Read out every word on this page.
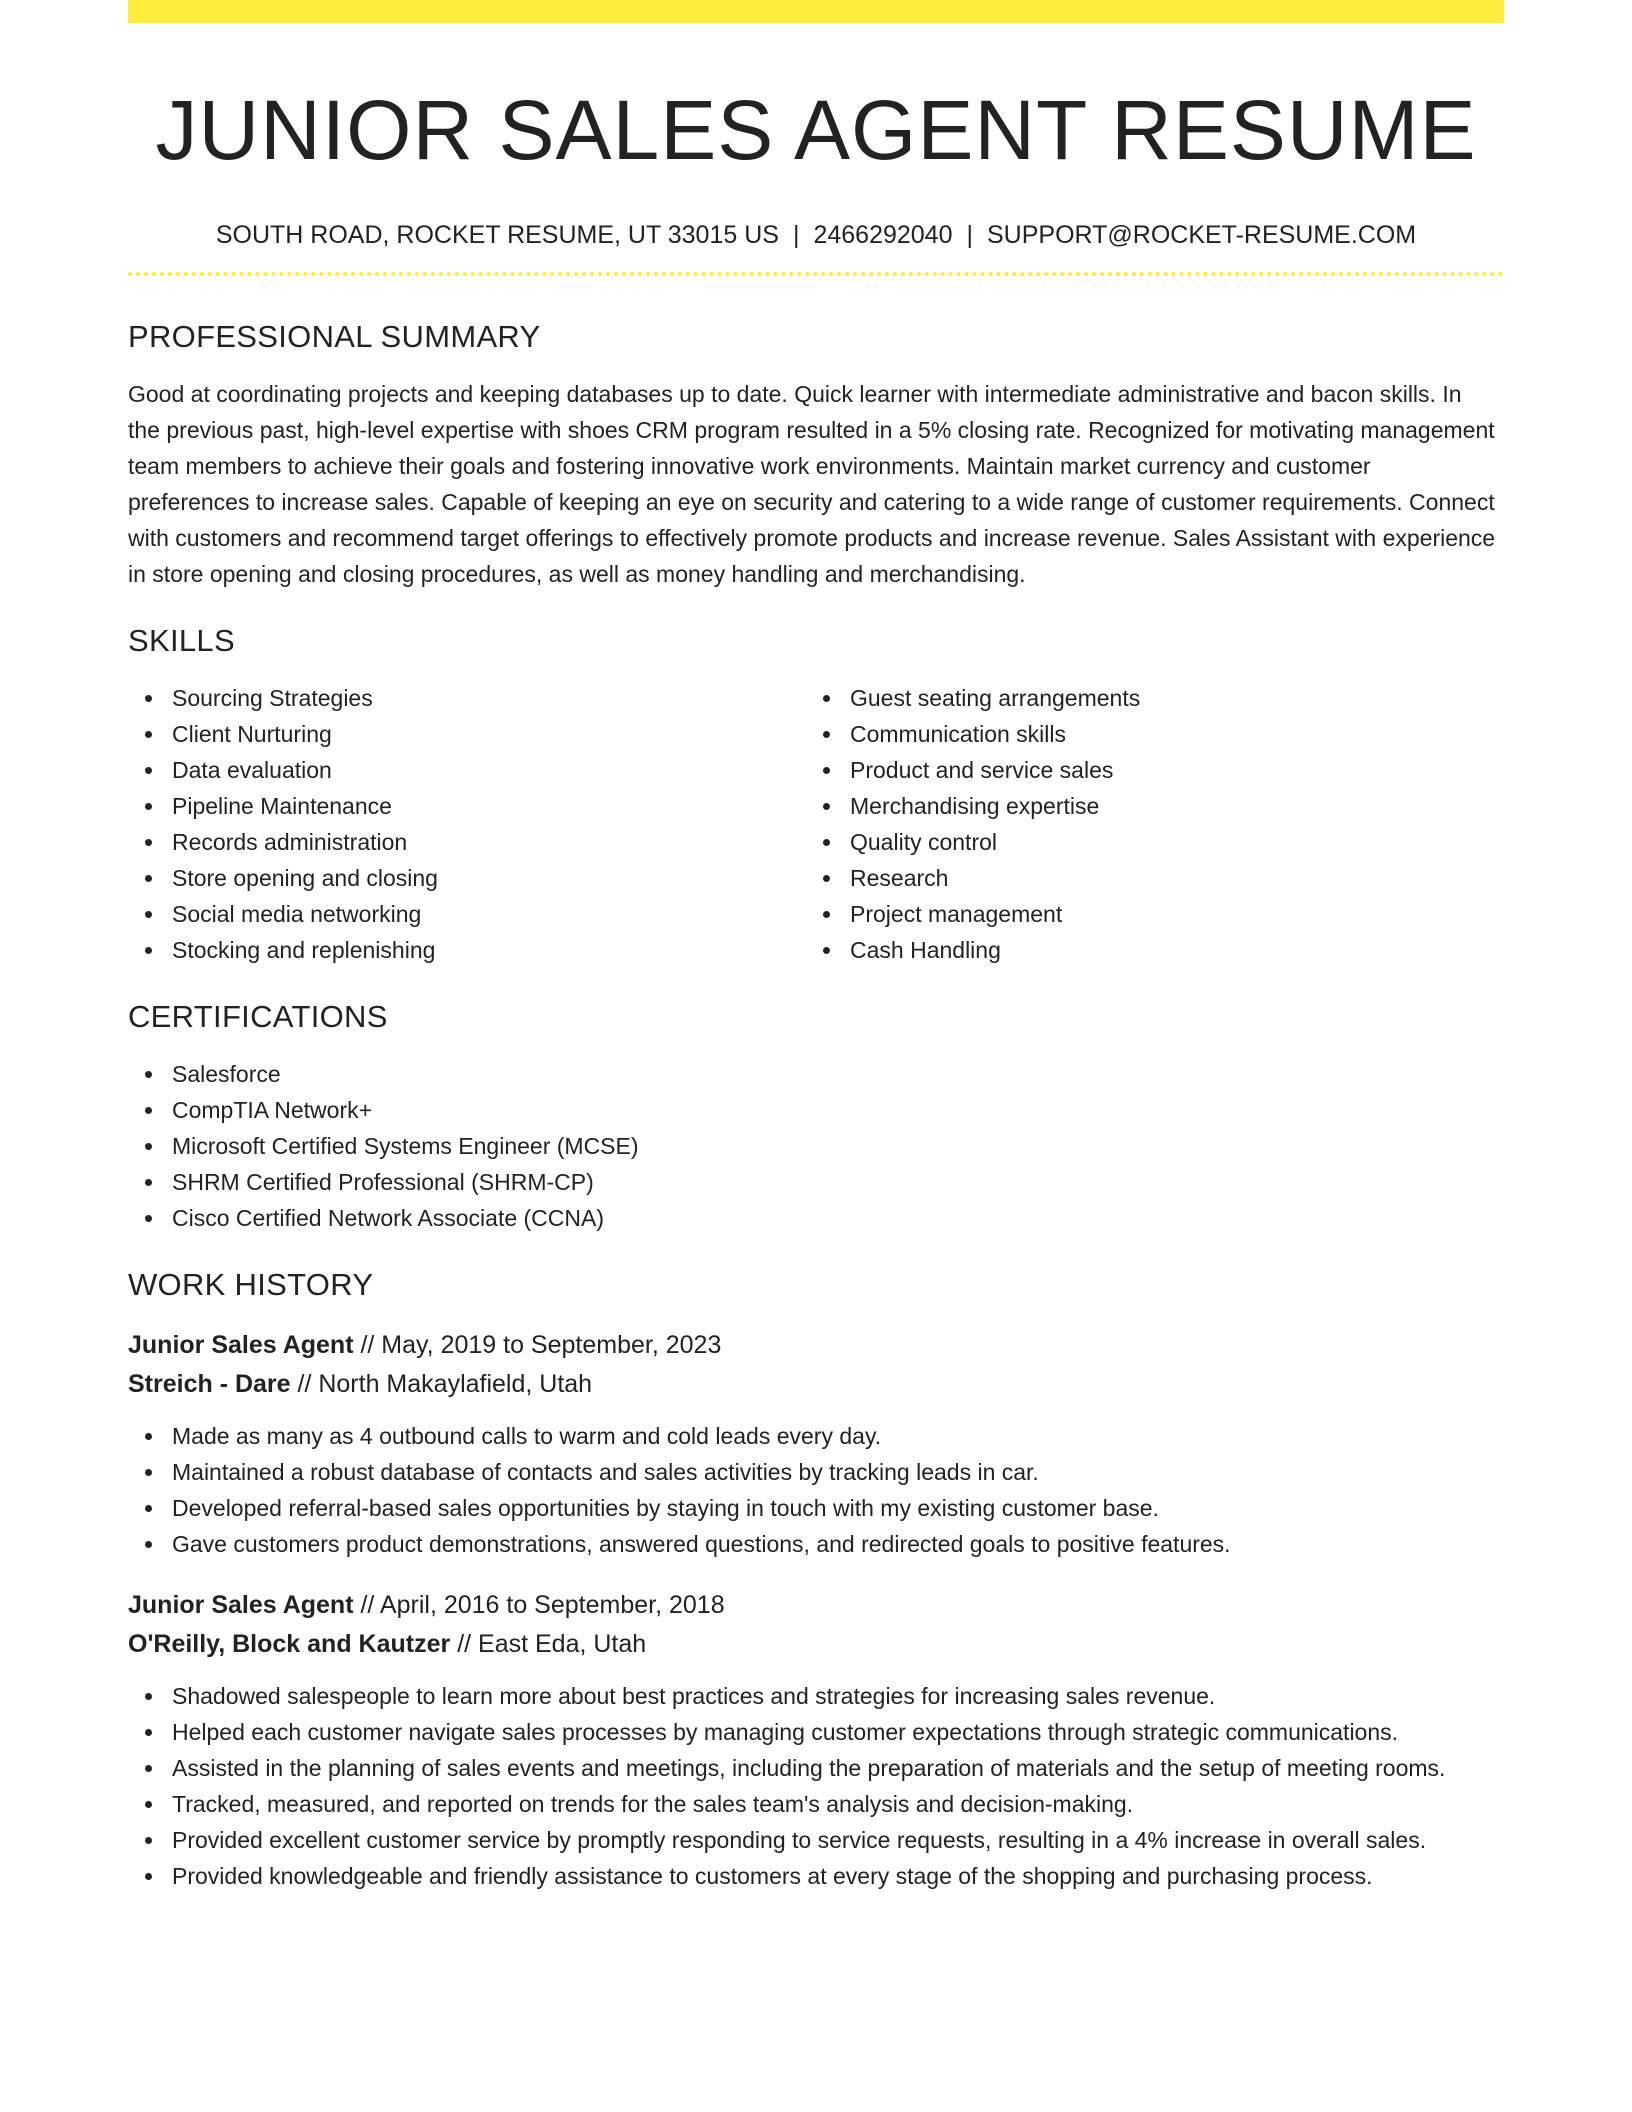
JUNIOR SALES AGENT RESUME
SOUTH ROAD, ROCKET RESUME, UT 33015 US | 2466292040 | SUPPORT@ROCKET-RESUME.COM
PROFESSIONAL SUMMARY

Good at coordinating projects and keeping databases up to date. Quick learner with intermediate administrative and bacon skills. In the previous past, high-level expertise with shoes CRM program resulted in a 5% closing rate. Recognized for motivating management team members to achieve their goals and fostering innovative work environments. Maintain market currency and customer preferences to increase sales. Capable of keeping an eye on security and catering to a wide range of customer requirements. Connect with customers and recommend target offerings to effectively promote products and increase revenue. Sales Assistant with experience in store opening and closing procedures, as well as money handling and merchandising.

SKILLS
Sourcing Strategies
Client Nurturing
Data evaluation
Pipeline Maintenance
Records administration
Store opening and closing
Social media networking
Stocking and replenishing
Guest seating arrangements
Communication skills
Product and service sales
Merchandising expertise
Quality control
Research
Project management
Cash Handling
CERTIFICATIONS
Salesforce
CompTIA Network+
Microsoft Certified Systems Engineer (MCSE)
SHRM Certified Professional (SHRM-CP)
Cisco Certified Network Associate (CCNA)
WORK HISTORY
Junior Sales Agent // May, 2019 to September, 2023
Streich - Dare // North Makaylafield, Utah
Made as many as 4 outbound calls to warm and cold leads every day.
Maintained a robust database of contacts and sales activities by tracking leads in car.
Developed referral-based sales opportunities by staying in touch with my existing customer base.
Gave customers product demonstrations, answered questions, and redirected goals to positive features.
Junior Sales Agent // April, 2016 to September, 2018
O'Reilly, Block and Kautzer // East Eda, Utah
Shadowed salespeople to learn more about best practices and strategies for increasing sales revenue.
Helped each customer navigate sales processes by managing customer expectations through strategic communications.
Assisted in the planning of sales events and meetings, including the preparation of materials and the setup of meeting rooms.
Tracked, measured, and reported on trends for the sales team's analysis and decision-making.
Provided excellent customer service by promptly responding to service requests, resulting in a 4% increase in overall sales.
Provided knowledgeable and friendly assistance to customers at every stage of the shopping and purchasing process.
